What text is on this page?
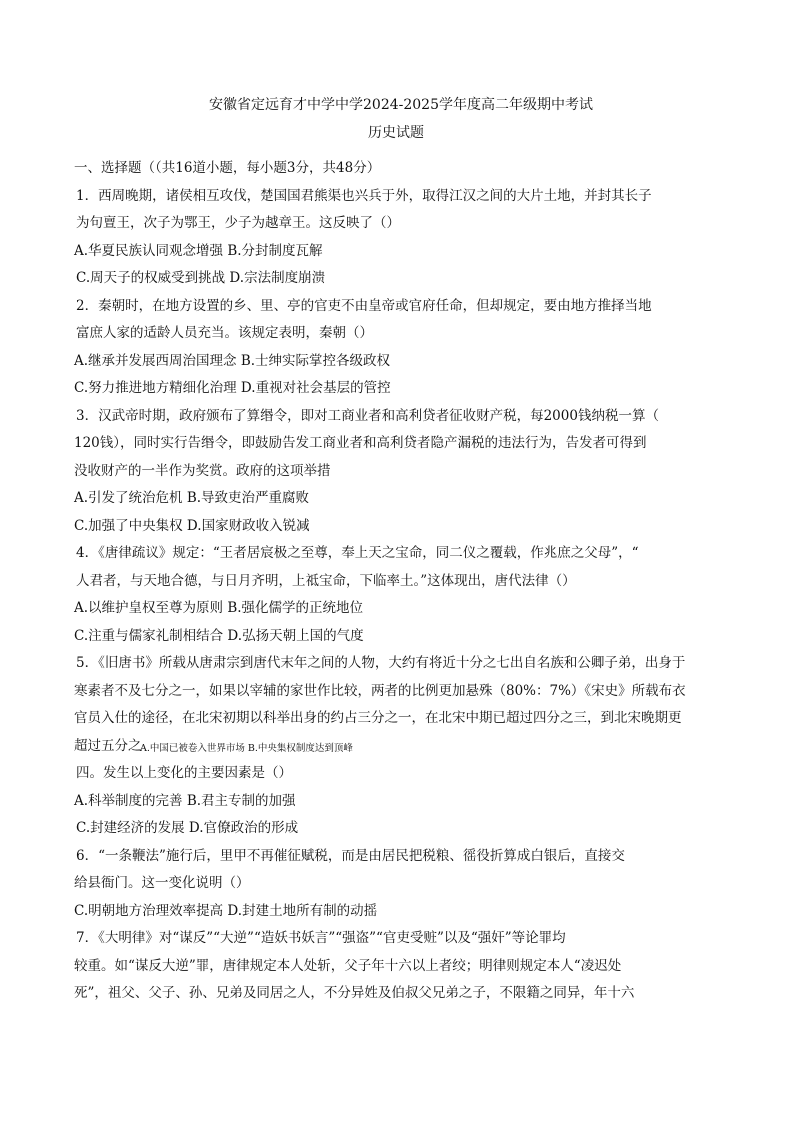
安徽省定远育才中学中学2024-2025学年度高二年级期中考试
历史试题
一、选择题（（共16道小题，每小题3分，共48分）
1．西周晚期，诸侯相互攻伐，楚国国君熊渠也兴兵于外，取得江汉之间的大片土地，并封其长子
为句亶王，次子为鄂王，少子为越章王。这反映了（）
A.华夏民族认同观念增强 B.分封制度瓦解
C.周天子的权威受到挑战 D.宗法制度崩溃
2．秦朝时，在地方设置的乡、里、亭的官吏不由皇帝或官府任命，但却规定，要由地方推择当地
富庶人家的适龄人员充当。该规定表明，秦朝（）
A.继承并发展西周治国理念 B.士绅实际掌控各级政权
C.努力推进地方精细化治理 D.重视对社会基层的管控
3．汉武帝时期，政府颁布了算缗令，即对工商业者和高利贷者征收财产税，每2000钱纳税一算（
120钱），同时实行告缗令，即鼓励告发工商业者和高利贷者隐产漏税的违法行为，告发者可得到
没收财产的一半作为奖赏。政府的这项举措
A.引发了统治危机 B.导致吏治严重腐败
C.加强了中央集权 D.国家财政收入锐减
4．《唐律疏议》规定：“王者居宸极之至尊，奉上天之宝命，同二仪之覆载，作兆庶之父母”，“
人君者，与天地合德，与日月齐明，上祗宝命，下临率土。”这体现出，唐代法律（）
A.以维护皇权至尊为原则 B.强化儒学的正统地位
C.注重与儒家礼制相结合 D.弘扬天朝上国的气度
5．《旧唐书》所载从唐肃宗到唐代末年之间的人物，大约有将近十分之七出自名族和公卿子弟，出身于
寒素者不及七分之一，如果以宰辅的家世作比较，两者的比例更加悬殊（80%：7%）《宋史》所载布衣
官员入仕的途径，在北宋初期以科举出身的约占三分之一，在北宋中期已超过四分之三，到北宋晚期更
超过五分之
A.中国已被卷入世界市场 B.中央集权制度达到顶峰
四。发生以上变化的主要因素是（）
A.科举制度的完善 B.君主专制的加强
C.封建经济的发展 D.官僚政治的形成
6．“一条鞭法”施行后，里甲不再催征赋税，而是由居民把税粮、徭役折算成白银后，直接交
给县衙门。这一变化说明（）
C.明朝地方治理效率提高 D.封建土地所有制的动摇
7．《大明律》对“谋反”“大逆”“造妖书妖言”“强盗”“官吏受赃”以及“强奸”等论罪均
较重。如“谋反大逆”罪，唐律规定本人处斩，父子年十六以上者绞；明律则规定本人“凌迟处
死”，祖父、父子、孙、兄弟及同居之人，不分异姓及伯叔父兄弟之子，不限籍之同异，年十六
